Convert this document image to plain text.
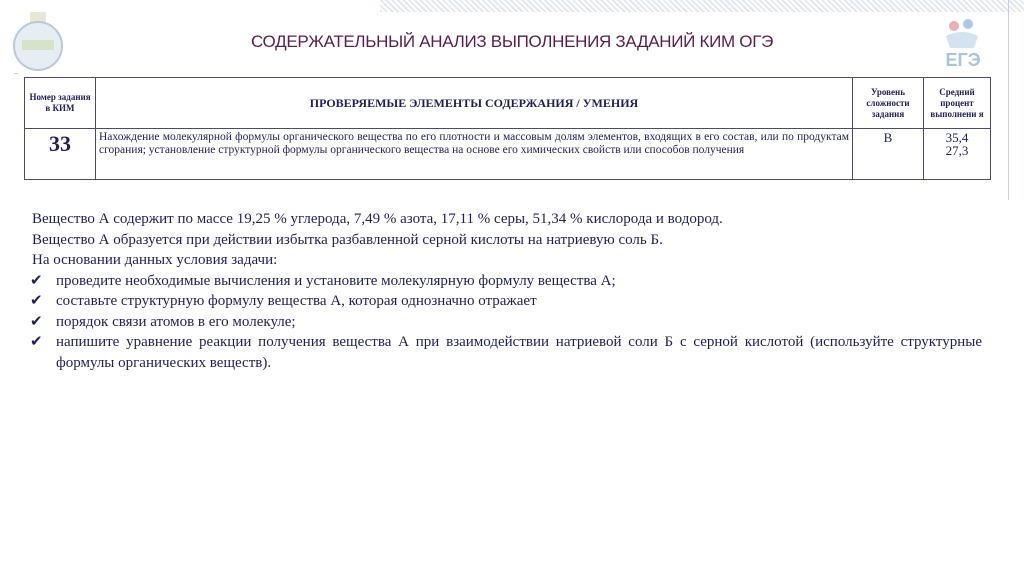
ЕГЭ
СОДЕРЖАТЕЛЬНЫЙ АНАЛИЗ ВЫПОЛНЕНИЯ ЗАДАНИЙ КИМ ОГЭ
Номер задания в КИМ	ПРОВЕРЯЕМЫЕ ЭЛЕМЕНТЫ СОДЕРЖАНИЯ / УМЕНИЯ	Уровень сложности задания	Средний процент выполнени я
33	Нахождение молекулярной формулы органического вещества по его плотности и массовым долям элементов, входящих в его состав, или по продуктам сгорания; установление структурной формулы органического вещества на основе его химических свойств или способов получения	В	35,4
27,3

Вещество А содержит по массе 19,25 % углерода, 7,49 % азота, 17,11 % серы, 51,34 % кислорода и водород.

Вещество А образуется при действии избытка разбавленной серной кислоты на натриевую соль Б.

На основании данных условия задачи:

✔ проведите необходимые вычисления и установите молекулярную формулу вещества А;
✔ составьте структурную формулу вещества А, которая однозначно отражает
✔ порядок связи атомов в его молекуле;
✔ напишите уравнение реакции получения вещества А при взаимодействии натриевой соли Б с серной кислотой (используйте структурные формулы органических веществ).
